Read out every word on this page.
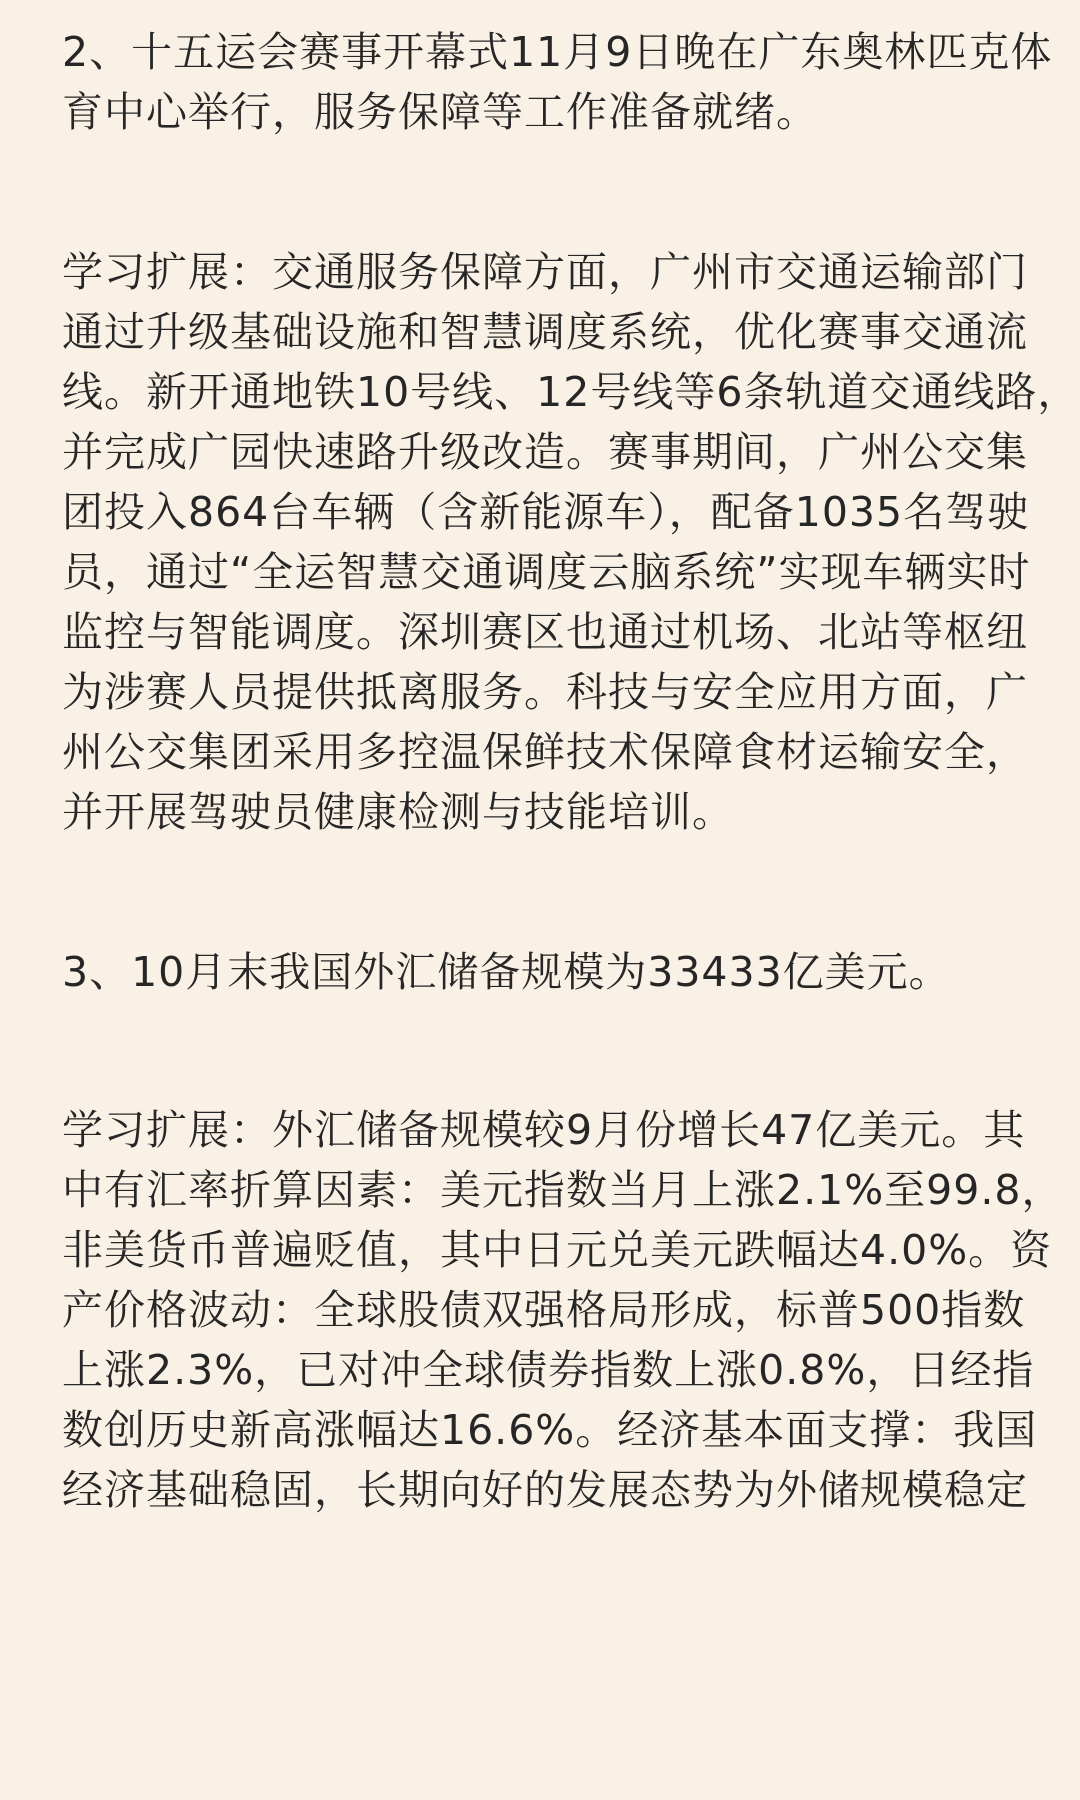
2、十五运会赛事开幕式11月9日晚在广东奥林匹克体
育中心举行，服务保障等工作准备就绪。

学习扩展：交通服务保障方面，广州市交通运输部门
通过升级基础设施和智慧调度系统，优化赛事交通流
线。新开通地铁10号线、12号线等6条轨道交通线路，
并完成广园快速路升级改造。赛事期间，广州公交集
团投入864台车辆（含新能源车），配备1035名驾驶
员，通过“全运智慧交通调度云脑系统”实现车辆实时
监控与智能调度。深圳赛区也通过机场、北站等枢纽
为涉赛人员提供抵离服务。科技与安全应用方面，广
州公交集团采用多控温保鲜技术保障食材运输安全，
并开展驾驶员健康检测与技能培训。

3、10月末我国外汇储备规模为33433亿美元。

学习扩展：外汇储备规模较9月份增长47亿美元。其
中有汇率折算因素：美元指数当月上涨2.1%至99.8，
非美货币普遍贬值，其中日元兑美元跌幅达4.0%。资
产价格波动：全球股债双强格局形成，标普500指数
上涨2.3%，已对冲全球债券指数上涨0.8%，日经指
数创历史新高涨幅达16.6%。经济基本面支撑：我国
经济基础稳固，长期向好的发展态势为外储规模稳定
